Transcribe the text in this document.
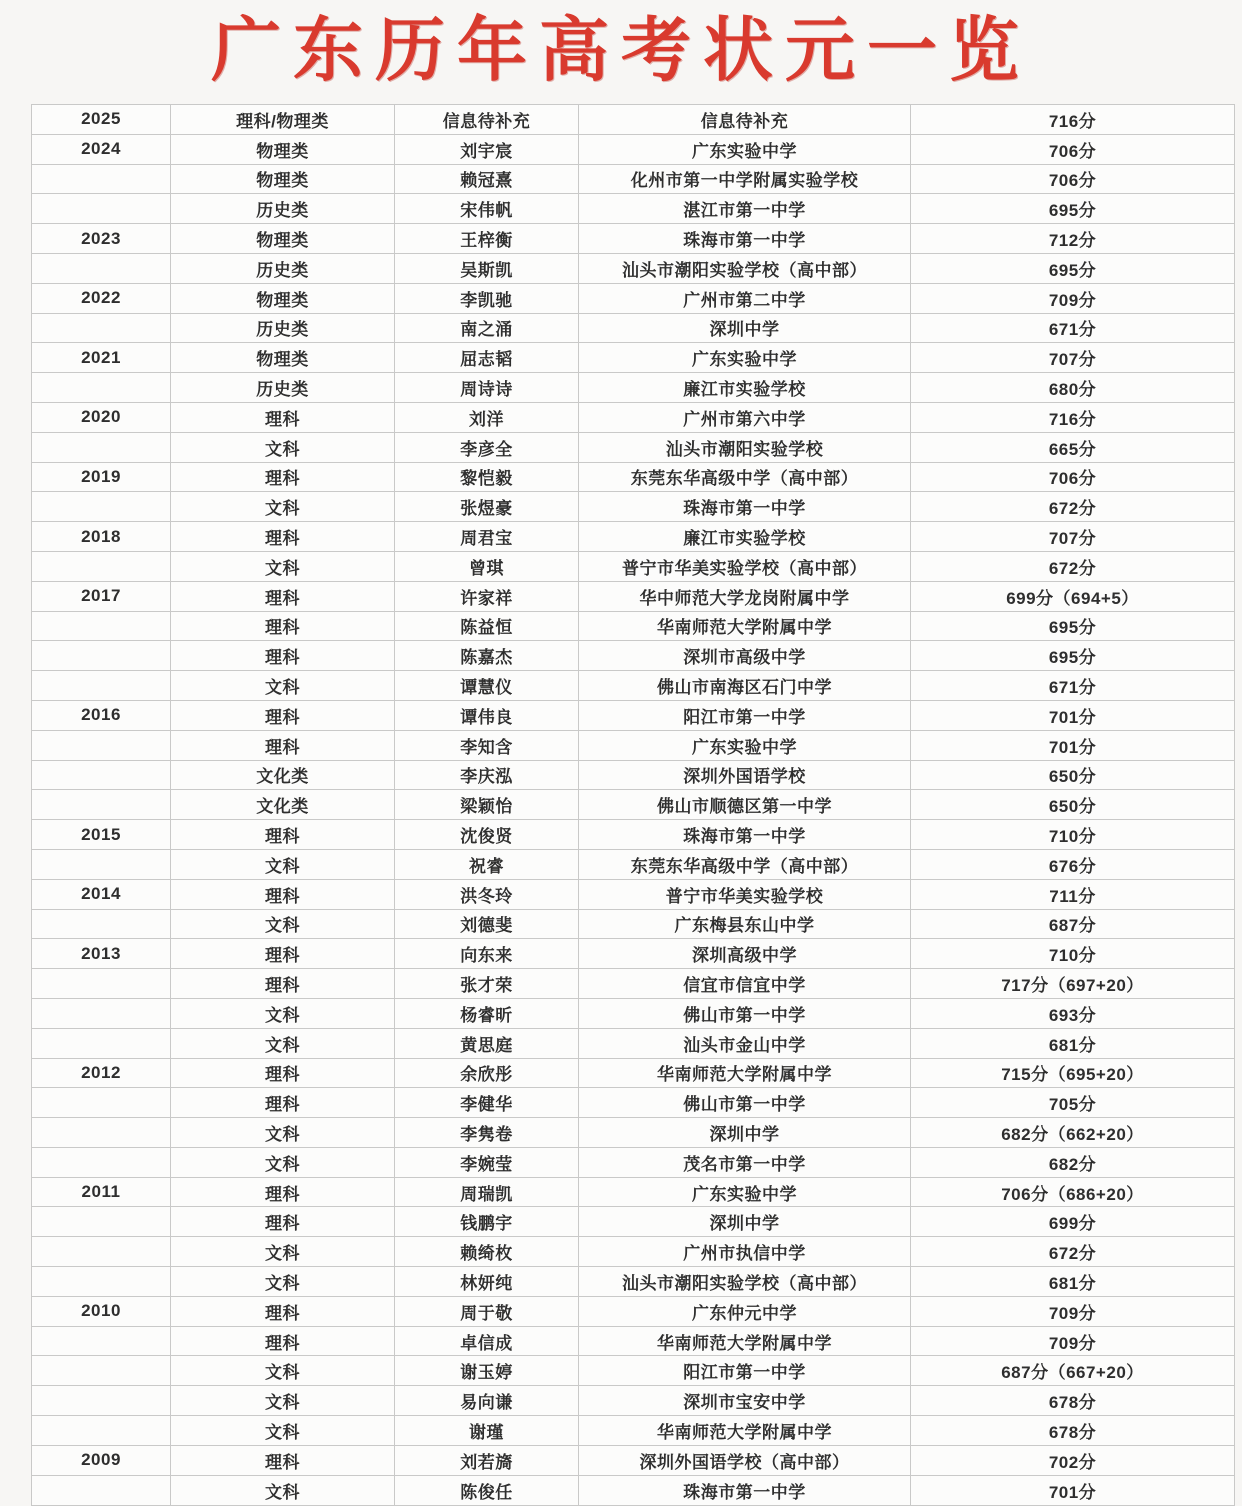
广东历年高考状元一览
2025	理科/物理类	信息待补充	信息待补充	716分
2024	物理类	刘宇宸	广东实验中学	706分
	物理类	赖冠熹	化州市第一中学附属实验学校	706分
	历史类	宋伟帆	湛江市第一中学	695分
2023	物理类	王梓衡	珠海市第一中学	712分
	历史类	吴斯凯	汕头市潮阳实验学校（高中部）	695分
2022	物理类	李凯驰	广州市第二中学	709分
	历史类	南之涌	深圳中学	671分
2021	物理类	屈志韬	广东实验中学	707分
	历史类	周诗诗	廉江市实验学校	680分
2020	理科	刘洋	广州市第六中学	716分
	文科	李彦全	汕头市潮阳实验学校	665分
2019	理科	黎恺毅	东莞东华高级中学（高中部）	706分
	文科	张煜豪	珠海市第一中学	672分
2018	理科	周君宝	廉江市实验学校	707分
	文科	曾琪	普宁市华美实验学校（高中部）	672分
2017	理科	许家祥	华中师范大学龙岗附属中学	699分（694+5）
	理科	陈益恒	华南师范大学附属中学	695分
	理科	陈嘉杰	深圳市高级中学	695分
	文科	谭慧仪	佛山市南海区石门中学	671分
2016	理科	谭伟良	阳江市第一中学	701分
	理科	李知含	广东实验中学	701分
	文化类	李庆泓	深圳外国语学校	650分
	文化类	梁颖怡	佛山市顺德区第一中学	650分
2015	理科	沈俊贤	珠海市第一中学	710分
	文科	祝睿	东莞东华高级中学（高中部）	676分
2014	理科	洪冬玲	普宁市华美实验学校	711分
	文科	刘德斐	广东梅县东山中学	687分
2013	理科	向东来	深圳高级中学	710分
	理科	张才荣	信宜市信宜中学	717分（697+20）
	文科	杨睿昕	佛山市第一中学	693分
	文科	黄思庭	汕头市金山中学	681分
2012	理科	余欣彤	华南师范大学附属中学	715分（695+20）
	理科	李健华	佛山市第一中学	705分
	文科	李隽卷	深圳中学	682分（662+20）
	文科	李婉莹	茂名市第一中学	682分
2011	理科	周瑞凯	广东实验中学	706分（686+20）
	理科	钱鹏宇	深圳中学	699分
	文科	赖绮枚	广州市执信中学	672分
	文科	林妍纯	汕头市潮阳实验学校（高中部）	681分
2010	理科	周于敬	广东仲元中学	709分
	理科	卓信成	华南师范大学附属中学	709分
	文科	谢玉婷	阳江市第一中学	687分（667+20）
	文科	易向谦	深圳市宝安中学	678分
	文科	谢瑾	华南师范大学附属中学	678分
2009	理科	刘若旖	深圳外国语学校（高中部）	702分
	文科	陈俊任	珠海市第一中学	701分
